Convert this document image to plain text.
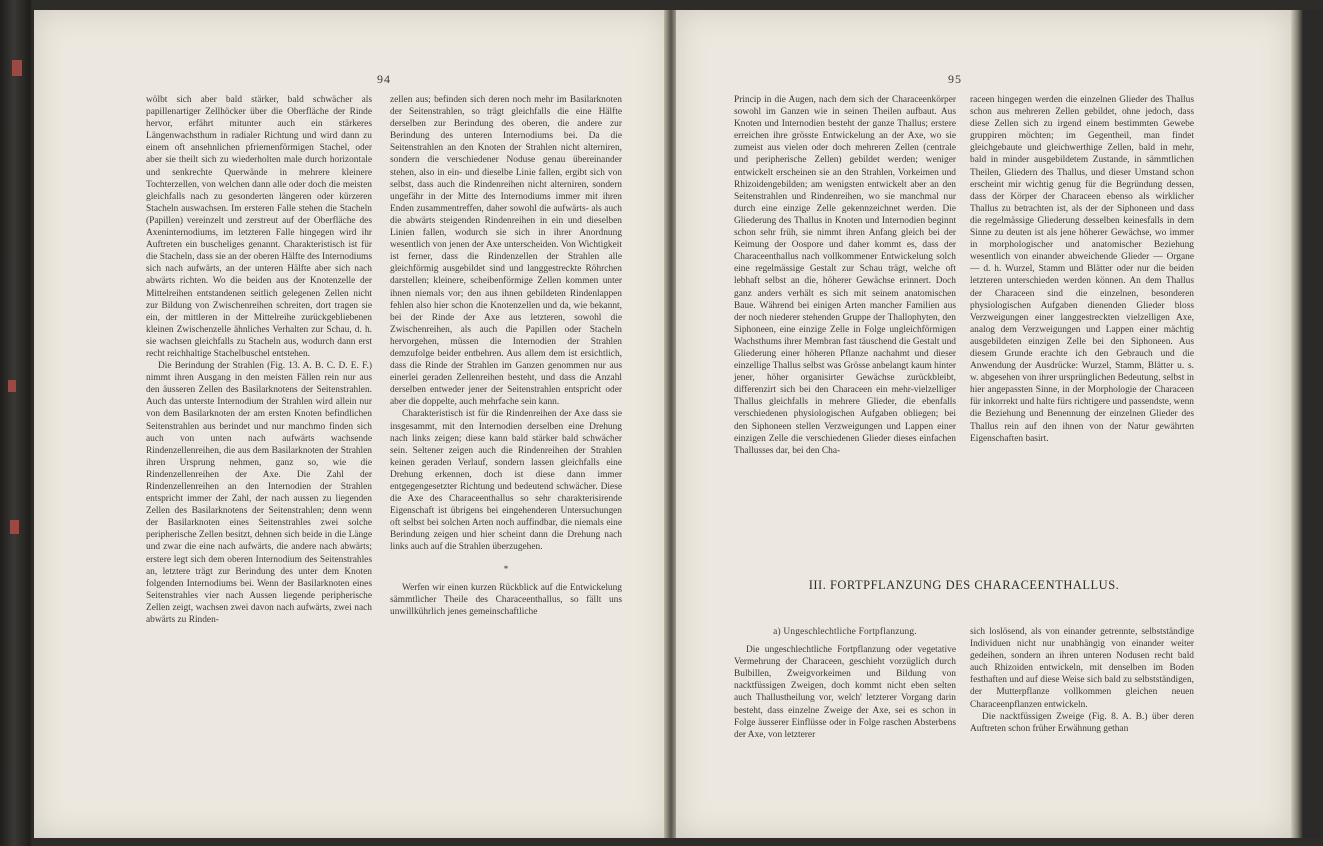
94

wölbt sich aber bald stärker, bald schwächer als papillenartiger Zellhöcker über die Oberfläche der Rinde hervor, erfährt mitunter auch ein stärkeres Längenwachsthum in radialer Richtung und wird dann zu einem oft ansehnlichen pfriemenförmigen Stachel, oder aber sie theilt sich zu wiederholten male durch horizontale und senkrechte Querwände in mehrere kleinere Tochterzellen, von welchen dann alle oder doch die meisten gleichfalls nach zu gesonderten längeren oder kürzeren Stacheln auswachsen. Im ersteren Falle stehen die Stacheln (Papillen) vereinzelt und zerstreut auf der Oberfläche des Axeninternodiums, im letzteren Falle hingegen wird ihr Auftreten ein buscheliges genannt. Charakteristisch ist für die Stacheln, dass sie an der oberen Hälfte des Internodiums sich nach aufwärts, an der unteren Hälfte aber sich nach abwärts richten. Wo die beiden aus der Knotenzelle der Mittelreihen entstandenen seitlich gelegenen Zellen nicht zur Bildung von Zwischenreihen schreiten, dort tragen sie ein, der mittleren in der Mittelreihe zurückgebliebenen kleinen Zwischenzelle ähnliches Verhalten zur Schau, d. h. sie wachsen gleichfalls zu Stacheln aus, wodurch dann erst recht reichhaltige Stachelbuschel entstehen.

Die Berindung der Strahlen (Fig. 13. A. B. C. D. E. F.) nimmt ihren Ausgang in den meisten Fällen rein nur aus den äusseren Zellen des Basilarknotens der Seitenstrahlen. Auch das unterste Internodium der Strahlen wird allein nur von dem Basilarknoten der am ersten Knoten befindlichen Seitenstrahlen aus berindet und nur manchmo finden sich auch von unten nach aufwärts wachsende Rindenzellenreihen, die aus dem Basilarknoten der Strahlen ihren Ursprung nehmen, ganz so, wie die Rindenzellenreihen der Axe. Die Zahl der Rindenzellenreihen an den Internodien der Strahlen entspricht immer der Zahl, der nach aussen zu liegenden Zellen des Basilarknotens der Seitenstrahlen; denn wenn der Basilarknoten eines Seitenstrahles zwei solche peripherische Zellen besitzt, dehnen sich beide in die Länge und zwar die eine nach aufwärts, die andere nach abwärts; erstere legt sich dem oberen Internodium des Seitenstrahles an, letztere trägt zur Berindung des unter dem Knoten folgenden Internodiums bei. Wenn der Basilarknoten eines Seitenstrahles vier nach Aussen liegende peripherische Zellen zeigt, wachsen zwei davon nach aufwärts, zwei nach abwärts zu Rinden-

zellen aus; befinden sich deren noch mehr im Basilarknoten der Seitenstrahlen, so trägt gleichfalls die eine Hälfte derselben zur Berindung des oberen, die andere zur Berindung des unteren Internodiums bei. Da die Seitenstrahlen an den Knoten der Strahlen nicht alterniren, sondern die verschiedener Noduse genau übereinander stehen, also in ein- und dieselbe Linie fallen, ergibt sich von selbst, dass auch die Rindenreihen nicht alterniren, sondern ungefähr in der Mitte des Internodiums immer mit ihren Enden zusammentreffen, daher sowohl die aufwärts- als auch die abwärts steigenden Rindenreihen in ein und dieselben Linien fallen, wodurch sie sich in ihrer Anordnung wesentlich von jenen der Axe unterscheiden. Von Wichtigkeit ist ferner, dass die Rindenzellen der Strahlen alle gleichförmig ausgebildet sind und langgestreckte Röhrchen darstellen; kleinere, scheibenförmige Zellen kommen unter ihnen niemals vor; den aus ihnen gebildeten Rindenlappen fehlen also hier schon die Knotenzellen und da, wie bekannt, bei der Rinde der Axe aus letzteren, sowohl die Zwischenreihen, als auch die Papillen oder Stacheln hervorgehen, müssen die Internodien der Strahlen demzufolge beider entbehren. Aus allem dem ist ersichtlich, dass die Rinde der Strahlen im Ganzen genommen nur aus einerlei geraden Zellenreihen besteht, und dass die Anzahl derselben entweder jener der Seitenstrahlen entspricht oder aber die doppelte, auch mehrfache sein kann.

Charakteristisch ist für die Rindenreihen der Axe dass sie insgesammt, mit den Internodien derselben eine Drehung nach links zeigen; diese kann bald stärker bald schwächer sein. Seltener zeigen auch die Rindenreihen der Strahlen keinen geraden Verlauf, sondern lassen gleichfalls eine Drehung erkennen, doch ist diese dann immer entgegengesetzter Richtung und bedeutend schwächer. Diese die Axe des Characeenthallus so sehr charakterisirende Eigenschaft ist übrigens bei eingehenderen Untersuchungen oft selbst bei solchen Arten noch auffindbar, die niemals eine Berindung zeigen und hier scheint dann die Drehung nach links auch auf die Strahlen überzugehen.

*

Werfen wir einen kurzen Rückblick auf die Entwickelung sämmtlicher Theile des Characeenthallus, so fällt uns unwillkührlich jenes gemeinschaftliche

95

Princip in die Augen, nach dem sich der Characeenkörper sowohl im Ganzen wie in seinen Theilen aufbaut. Aus Knoten und Internodien besteht der ganze Thallus; erstere erreichen ihre grösste Entwickelung an der Axe, wo sie zumeist aus vielen oder doch mehreren Zellen (centrale und peripherische Zellen) gebildet werden; weniger entwickelt erscheinen sie an den Strahlen, Vorkeimen und Rhizoidengebilden; am wenigsten entwickelt aber an den Seitenstrahlen und Rindenreihen, wo sie manchmal nur durch eine einzige Zelle gekennzeichnet werden. Die Gliederung des Thallus in Knoten und Internodien beginnt schon sehr früh, sie nimmt ihren Anfang gleich bei der Keimung der Oospore und daher kommt es, dass der Characeenthallus nach vollkommener Entwickelung solch eine regelmässige Gestalt zur Schau trägt, welche oft lebhaft selbst an die, höherer Gewächse erinnert. Doch ganz anders verhält es sich mit seinem anatomischen Baue. Während bei einigen Arten mancher Familien aus der noch niederer stehenden Gruppe der Thallophyten, den Siphoneen, eine einzige Zelle in Folge ungleichförmigen Wachsthums ihrer Membran fast täuschend die Gestalt und Gliederung einer höheren Pflanze nachahmt und dieser einzellige Thallus selbst was Grösse anbelangt kaum hinter jener, höher organisirter Gewächse zurückbleibt, differenzirt sich bei den Characeen ein mehr-vielzelliger Thallus gleichfalls in mehrere Glieder, die ebenfalls verschiedenen physiologischen Aufgaben obliegen; bei den Siphoneen stellen Verzweigungen und Lappen einer einzigen Zelle die verschiedenen Glieder dieses einfachen Thallusses dar, bei den Cha-

raceen hingegen werden die einzelnen Glieder des Thallus schon aus mehreren Zellen gebildet, ohne jedoch, dass diese Zellen sich zu irgend einem bestimmten Gewebe gruppiren möchten; im Gegentheil, man findet gleichgebaute und gleichwerthige Zellen, bald in mehr, bald in minder ausgebildetem Zustande, in sämmtlichen Theilen, Gliedern des Thallus, und dieser Umstand schon erscheint mir wichtig genug für die Begründung dessen, dass der Körper der Characeen ebenso als wirklicher Thallus zu betrachten ist, als der der Siphoneen und dass die regelmässige Gliederung desselben keinesfalls in dem Sinne zu deuten ist als jene höherer Gewächse, wo immer in morphologischer und anatomischer Beziehung wesentlich von einander abweichende Glieder — Organe — d. h. Wurzel, Stamm und Blätter oder nur die beiden letzteren unterschieden werden können. An dem Thallus der Characeen sind die einzelnen, besonderen physiologischen Aufgaben dienenden Glieder bloss Verzweigungen einer langgestreckten vielzelligen Axe, analog dem Verzweigungen und Lappen einer mächtig ausgebildeten einzigen Zelle bei den Siphoneen. Aus diesem Grunde erachte ich den Gebrauch und die Anwendung der Ausdrücke: Wurzel, Stamm, Blätter u. s. w. abgesehen von ihrer ursprünglichen Bedeutung, selbst in hier angepassten Sinne, in der Morphologie der Characeen für inkorrekt und halte fürs richtigere und passendste, wenn die Beziehung und Benennung der einzelnen Glieder des Thallus rein auf den ihnen von der Natur gewährten Eigenschaften basirt.

III. FORTPFLANZUNG DES CHARACEENTHALLUS.
a) Ungeschlechtliche Fortpflanzung.

Die ungeschlechtliche Fortpflanzung oder vegetative Vermehrung der Characeen, geschieht vorzüglich durch Bulbillen, Zweigvorkeimen und Bildung von nacktfüssigen Zweigen, doch kommt nicht eben selten auch Thallustheilung vor, welch' letzterer Vorgang darin besteht, dass einzelne Zweige der Axe, sei es schon in Folge äusserer Einflüsse oder in Folge raschen Absterbens der Axe, von letzterer

sich loslösend, als von einander getrennte, selbstständige Individuen nicht nur unabhängig von einander weiter gedeihen, sondern an ihren unteren Nodusen recht bald auch Rhizoiden entwickeln, mit denselben im Boden festhaften und auf diese Weise sich bald zu selbstständigen, der Mutterpflanze vollkommen gleichen neuen Characeenpflanzen entwickeln.

Die nacktfüssigen Zweige (Fig. 8. A. B.) über deren Auftreten schon früher Erwähnung gethan
